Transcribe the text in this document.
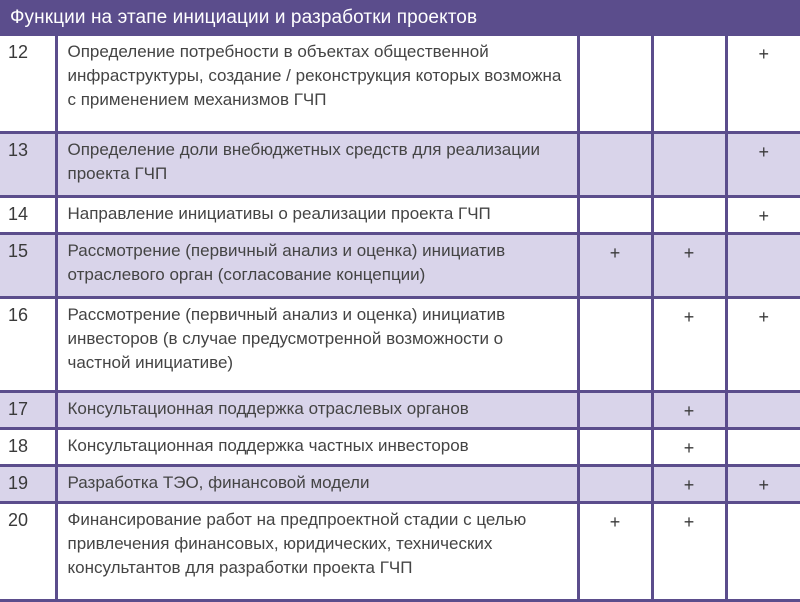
Функции на этапе инициации и разработки проектов
12	Определение потребности в объектах общественной инфраструктуры, создание / реконструкция которых возможна с применением механизмов ГЧП			+
13	Определение доли внебюджетных средств для реализации проекта ГЧП			+
14	Направление инициативы о реализации проекта ГЧП			+
15	Рассмотрение (первичный анализ и оценка) инициатив отраслевого орган (согласование концепции)	+	+	
16	Рассмотрение (первичный анализ и оценка) инициатив инвесторов (в случае предусмотренной возможности о частной инициативе)		+	+
17	Консультационная поддержка отраслевых органов		+	
18	Консультационная поддержка частных инвесторов		+	
19	Разработка ТЭО, финансовой модели		+	+
20	Финансирование работ на предпроектной стадии с целью привлечения финансовых, юридических, технических консультантов для разработки проекта ГЧП	+	+	
